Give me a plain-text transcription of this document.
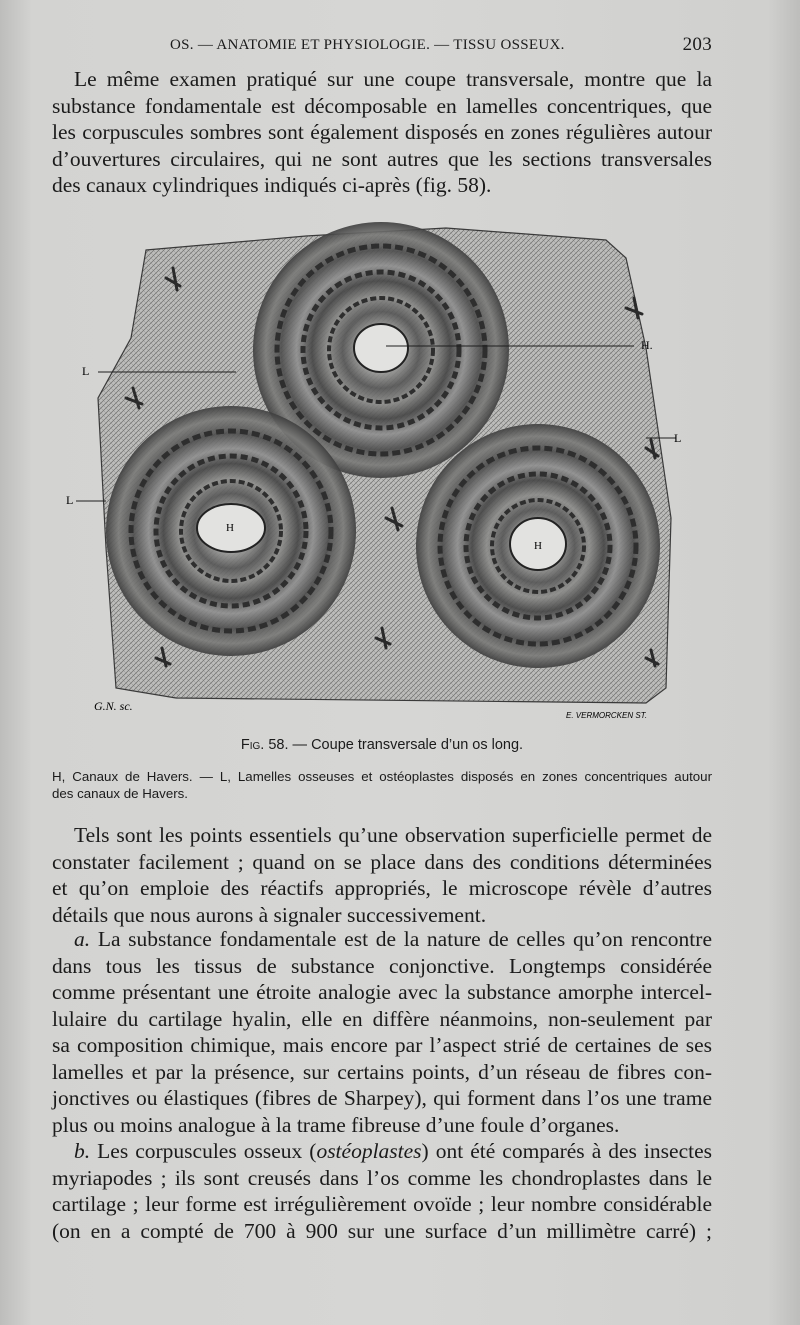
OS. — ANATOMIE ET PHYSIOLOGIE. — TISSU OSSEUX.	203
Le même examen pratiqué sur une coupe transversale, montre que la
substance fondamentale est décomposable en lamelles concentriques, que
les corpuscules sombres sont également disposés en zones régulières autour
d’ouvertures circulaires, qui ne sont autres que les sections transversales
des canaux cylindriques indiqués ci-après (fig. 58).
H.
L
L
L
H
H
G.N. sc.
E. VERMORCKEN ST.
Fig. 58. — Coupe transversale d’un os long.
H, Canaux de Havers. — L, Lamelles osseuses et ostéoplastes disposés en zones concentriques autour
des canaux de Havers.
Tels sont les points essentiels qu’une observation superficielle permet de
constater facilement ; quand on se place dans des conditions déterminées
et qu’on emploie des réactifs appropriés, le microscope révèle d’autres
détails que nous aurons à signaler successivement.
a. La substance fondamentale est de la nature de celles qu’on rencontre
dans tous les tissus de substance conjonctive. Longtemps considérée
comme présentant une étroite analogie avec la substance amorphe intercel-
lulaire du cartilage hyalin, elle en diffère néanmoins, non-seulement par
sa composition chimique, mais encore par l’aspect strié de certaines de ses
lamelles et par la présence, sur certains points, d’un réseau de fibres con-
jonctives ou élastiques (fibres de Sharpey), qui forment dans l’os une trame
plus ou moins analogue à la trame fibreuse d’une foule d’organes.
b. Les corpuscules osseux (ostéoplastes) ont été comparés à des insectes
myriapodes ; ils sont creusés dans l’os comme les chondroplastes dans le
cartilage ; leur forme est irrégulièrement ovoïde ; leur nombre considérable
(on en a compté de 700 à 900 sur une surface d’un millimètre carré) ;
